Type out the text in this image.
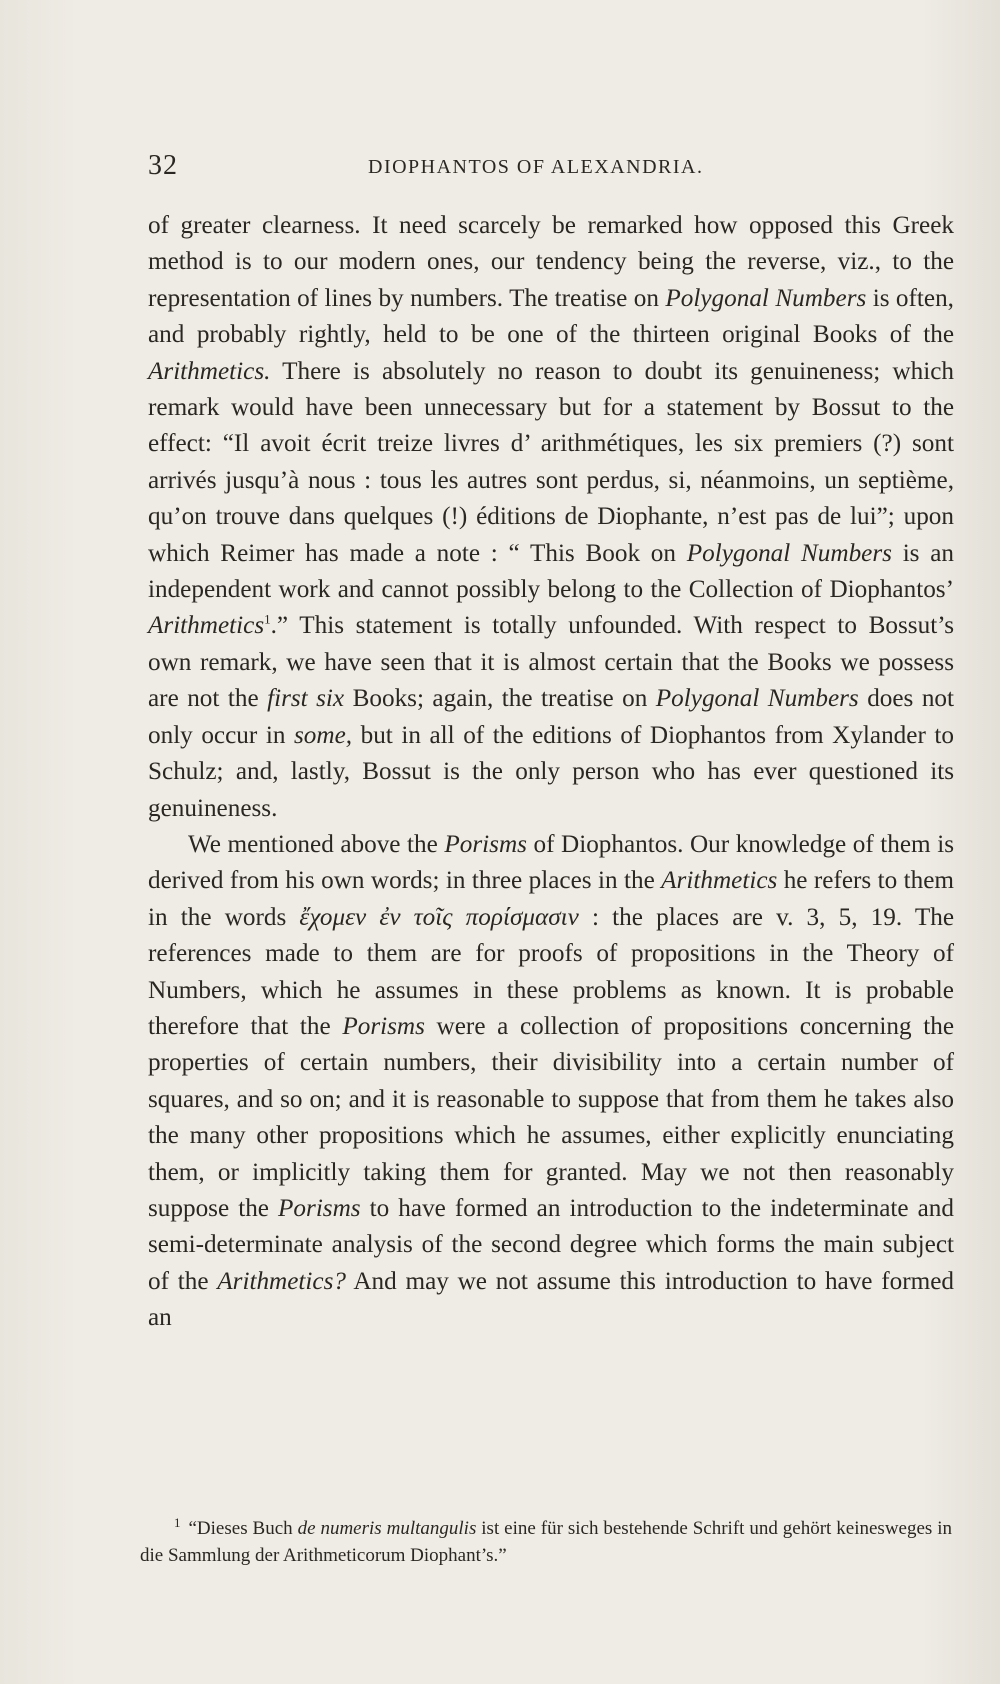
32	DIOPHANTOS OF ALEXANDRIA.

of greater clearness. It need scarcely be remarked how opposed this Greek method is to our modern ones, our tendency being the reverse, viz., to the representation of lines by numbers. The treatise on Polygonal Numbers is often, and probably rightly, held to be one of the thirteen original Books of the Arithmetics. There is absolutely no reason to doubt its genuineness; which remark would have been unnecessary but for a statement by Bossut to the effect: “Il avoit écrit treize livres d’ arithmétiques, les six premiers (?) sont arrivés jusqu’à nous : tous les autres sont perdus, si, néanmoins, un septième, qu’on trouve dans quelques (!) éditions de Diophante, n’est pas de lui”; upon which Reimer has made a note : “ This Book on Polygonal Numbers is an independent work and cannot possibly belong to the Collection of Diophantos’ Arithmetics$^1$.” This statement is totally unfounded. With respect to Bossut’s own remark, we have seen that it is almost certain that the Books we possess are not the first six Books; again, the treatise on Polygonal Numbers does not only occur in some, but in all of the editions of Diophantos from Xylander to Schulz; and, lastly, Bossut is the only person who has ever questioned its genuineness.

We mentioned above the Porisms of Diophantos. Our knowledge of them is derived from his own words; in three places in the Arithmetics he refers to them in the words ἔχομεν ἐν τοῖς πορίσμασιν : the places are v. 3, 5, 19. The references made to them are for proofs of propositions in the Theory of Numbers, which he assumes in these problems as known. It is probable therefore that the Porisms were a collection of propositions concerning the properties of certain numbers, their divisibility into a certain number of squares, and so on; and it is reasonable to suppose that from them he takes also the many other propositions which he assumes, either explicitly enunciating them, or implicitly taking them for granted. May we not then reasonably suppose the Porisms to have formed an introduction to the indeterminate and semi-determinate analysis of the second degree which forms the main subject of the Arithmetics? And may we not assume this introduction to have formed an

$^1$ “Dieses Buch de numeris multangulis ist eine für sich bestehende Schrift und gehört keinesweges in die Sammlung der Arithmeticorum Diophant’s.”
